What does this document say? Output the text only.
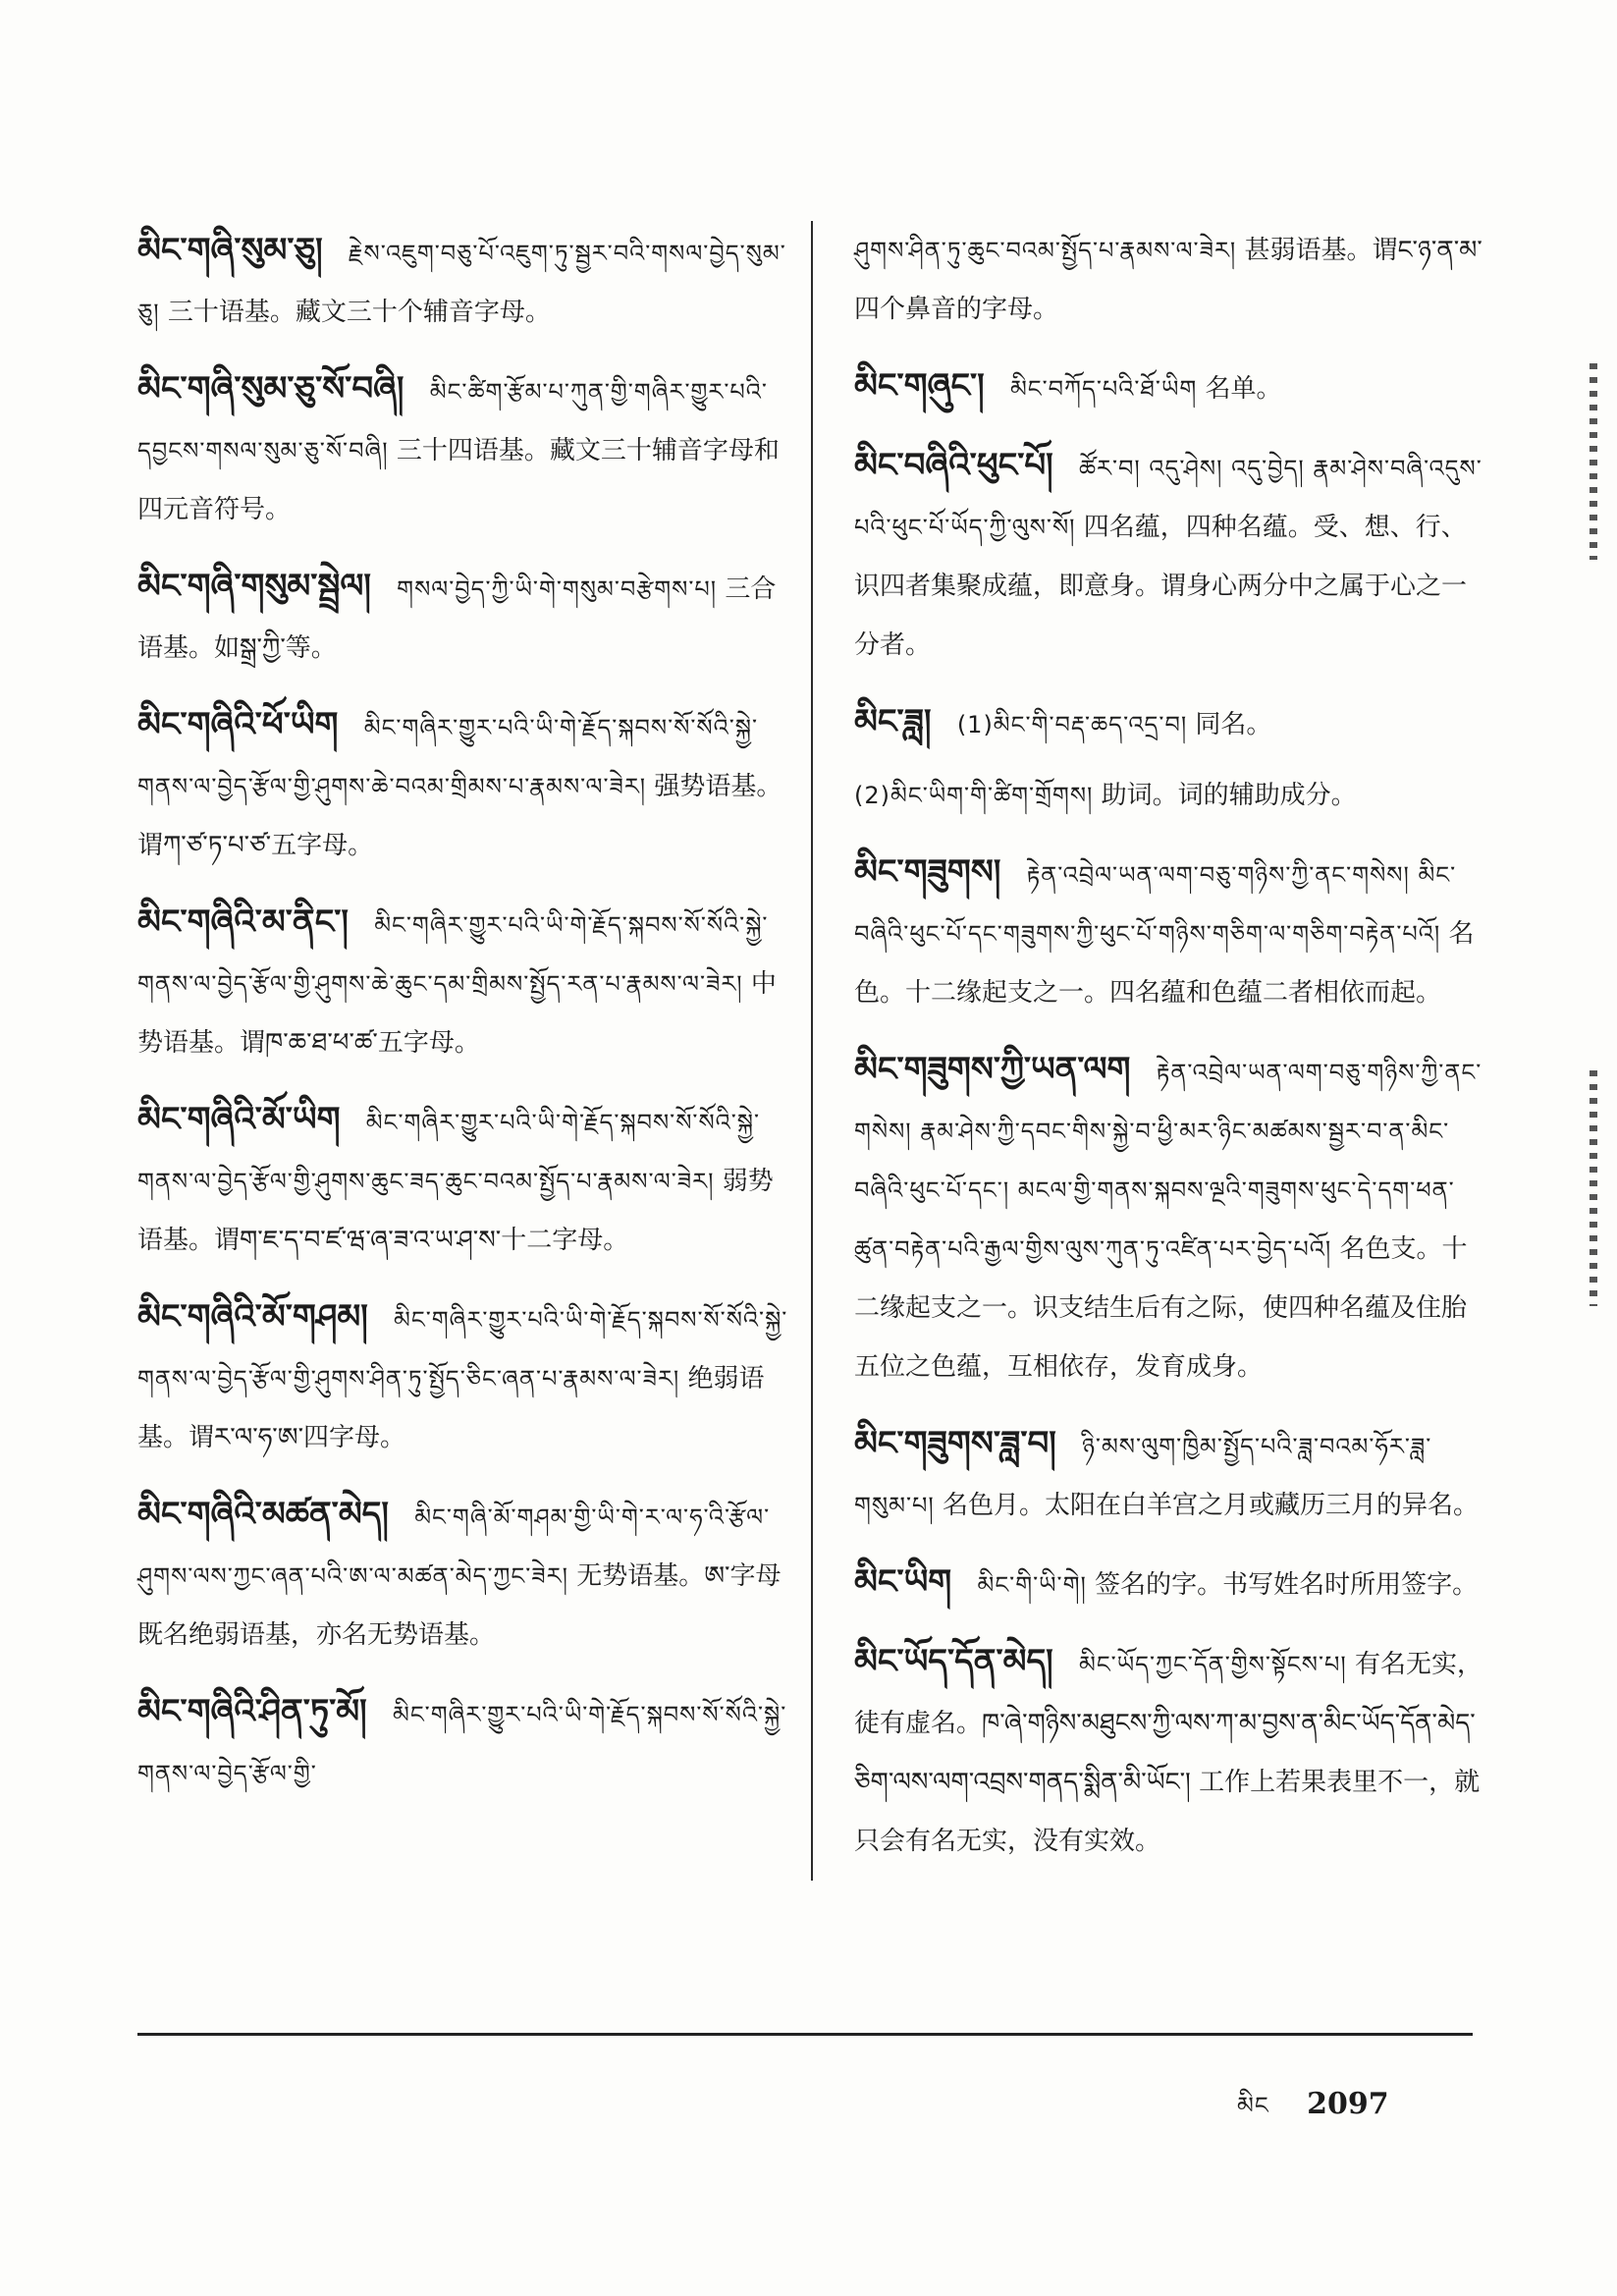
མིང་གཞི་སུམ་ཅུ། རྗེས་འཇུག་བཅུ་པོ་འཇུག་ཏུ་སྦྱར་བའི་གསལ་བྱེད་སུམ་ཅུ། 三十语基。藏文三十个辅音字母。
མིང་གཞི་སུམ་ཅུ་སོ་བཞི། མིང་ཚིག་རྩོམ་པ་ཀུན་གྱི་གཞིར་གྱུར་པའི་དབྱངས་གསལ་སུམ་ཅུ་སོ་བཞི། 三十四语基。藏文三十辅音字母和四元音符号。
མིང་གཞི་གསུམ་སྦྲེལ། གསལ་བྱེད་ཀྱི་ཡི་གེ་གསུམ་བརྩེགས་པ། 三合语基。如སྒྲ་ཀྱི་等。
མིང་གཞིའི་ཕོ་ཡིག མིང་གཞིར་གྱུར་པའི་ཡི་གེ་རྗོད་སྐབས་སོ་སོའི་སྐྱེ་གནས་ལ་བྱེད་རྩོལ་གྱི་ཤུགས་ཆེ་བའམ་གྲིམས་པ་རྣམས་ལ་ཟེར། 强势语基。谓ཀ་ཙ་ཏ་པ་ཙ་五字母。
མིང་གཞིའི་མ་ནིང་། མིང་གཞིར་གྱུར་པའི་ཡི་གེ་རྗོད་སྐབས་སོ་སོའི་སྐྱེ་གནས་ལ་བྱེད་རྩོལ་གྱི་ཤུགས་ཆེ་ཆུང་དམ་གྲིམས་སྤྱོད་རན་པ་རྣམས་ལ་ཟེར། 中势语基。谓ཁ་ཆ་ཐ་ཕ་ཚ་五字母。
མིང་གཞིའི་མོ་ཡིག མིང་གཞིར་གྱུར་པའི་ཡི་གེ་རྗོད་སྐབས་སོ་སོའི་སྐྱེ་གནས་ལ་བྱེད་རྩོལ་གྱི་ཤུགས་ཆུང་ཟད་ཆུང་བའམ་སྤྱོད་པ་རྣམས་ལ་ཟེར། 弱势语基。谓ག་ཇ་ད་བ་ཛ་ཝ་ཞ་ཟ་འ་ཡ་ཤ་ས་十二字母。
མིང་གཞིའི་མོ་གཤམ། མིང་གཞིར་གྱུར་པའི་ཡི་གེ་རྗོད་སྐབས་སོ་སོའི་སྐྱེ་གནས་ལ་བྱེད་རྩོལ་གྱི་ཤུགས་ཤིན་ཏུ་སྤྱོད་ཅིང་ཞན་པ་རྣམས་ལ་ཟེར། 绝弱语基。谓ར་ལ་ཧ་ཨ་四字母。
མིང་གཞིའི་མཚན་མེད། མིང་གཞི་མོ་གཤམ་གྱི་ཡི་གེ་ར་ལ་ཧ་འི་རྩོལ་ཤུགས་ལས་ཀྱང་ཞན་པའི་ཨ་ལ་མཚན་མེད་ཀྱང་ཟེར། 无势语基。ཨ་字母既名绝弱语基，亦名无势语基。
མིང་གཞིའི་ཤིན་ཏུ་མོ། མིང་གཞིར་གྱུར་པའི་ཡི་གེ་རྗོད་སྐབས་སོ་སོའི་སྐྱེ་གནས་ལ་བྱེད་རྩོལ་གྱི་
ཤུགས་ཤིན་ཏུ་ཆུང་བའམ་སྤྱོད་པ་རྣམས་ལ་ཟེར། 甚弱语基。谓ང་ཉ་ན་མ་四个鼻音的字母。
མིང་གཞུང་། མིང་བཀོད་པའི་ཐོ་ཡིག 名单。
མིང་བཞིའི་ཕུང་པོ། ཚོར་བ། འདུ་ཤེས། འདུ་བྱེད། རྣམ་ཤེས་བཞི་འདུས་པའི་ཕུང་པོ་ཡོད་ཀྱི་ལུས་སོ། 四名蕴，四种名蕴。受、想、行、识四者集聚成蕴，即意身。谓身心两分中之属于心之一分者。
མིང་ཟླ། (1)མིང་གི་བརྡ་ཆད་འདྲ་བ། 同名。
(2)མིང་ཡིག་གི་ཚིག་གྲོགས། 助词。词的辅助成分。
མིང་གཟུགས། རྟེན་འབྲེལ་ཡན་ལག་བཅུ་གཉིས་ཀྱི་ནང་གསེས། མིང་བཞིའི་ཕུང་པོ་དང་གཟུགས་ཀྱི་ཕུང་པོ་གཉིས་གཅིག་ལ་གཅིག་བརྟེན་པའོ། 名色。十二缘起支之一。四名蕴和色蕴二者相依而起。
མིང་གཟུགས་ཀྱི་ཡན་ལག རྟེན་འབྲེལ་ཡན་ལག་བཅུ་གཉིས་ཀྱི་ནང་གསེས། རྣམ་ཤེས་ཀྱི་དབང་གིས་སྐྱེ་བ་ཕྱི་མར་ཉིང་མཚམས་སྦྱར་བ་ན་མིང་བཞིའི་ཕུང་པོ་དང་། མངལ་གྱི་གནས་སྐབས་ལྔའི་གཟུགས་ཕུང་དེ་དག་ཕན་ཚུན་བརྟེན་པའི་རྒྱལ་གྱིས་ལུས་ཀུན་ཏུ་འཛིན་པར་བྱེད་པའོ། 名色支。十二缘起支之一。识支结生后有之际，使四种名蕴及住胎五位之色蕴，互相依存，发育成身。
མིང་གཟུགས་ཟླ་བ། ཉི་མས་ལུག་ཁྱིམ་སྤྱོད་པའི་ཟླ་བའམ་ཧོར་ཟླ་གསུམ་པ། 名色月。太阳在白羊宫之月或藏历三月的异名。
མིང་ཡིག མིང་གི་ཡི་གེ། 签名的字。书写姓名时所用签字。
མིང་ཡོད་དོན་མེད། མིང་ཡོད་ཀྱང་དོན་གྱིས་སྟོངས་པ། 有名无实，徒有虚名。ཁ་ཞེ་གཉིས་མཐུངས་ཀྱི་ལས་ཀ་མ་བྱས་ན་མིང་ཡོད་དོན་མེད་ཅིག་ལས་ལག་འབྲས་གནད་སྨིན་མི་ཡོང་། 工作上若果表里不一，就只会有名无实，没有实效。
མིང 2097
